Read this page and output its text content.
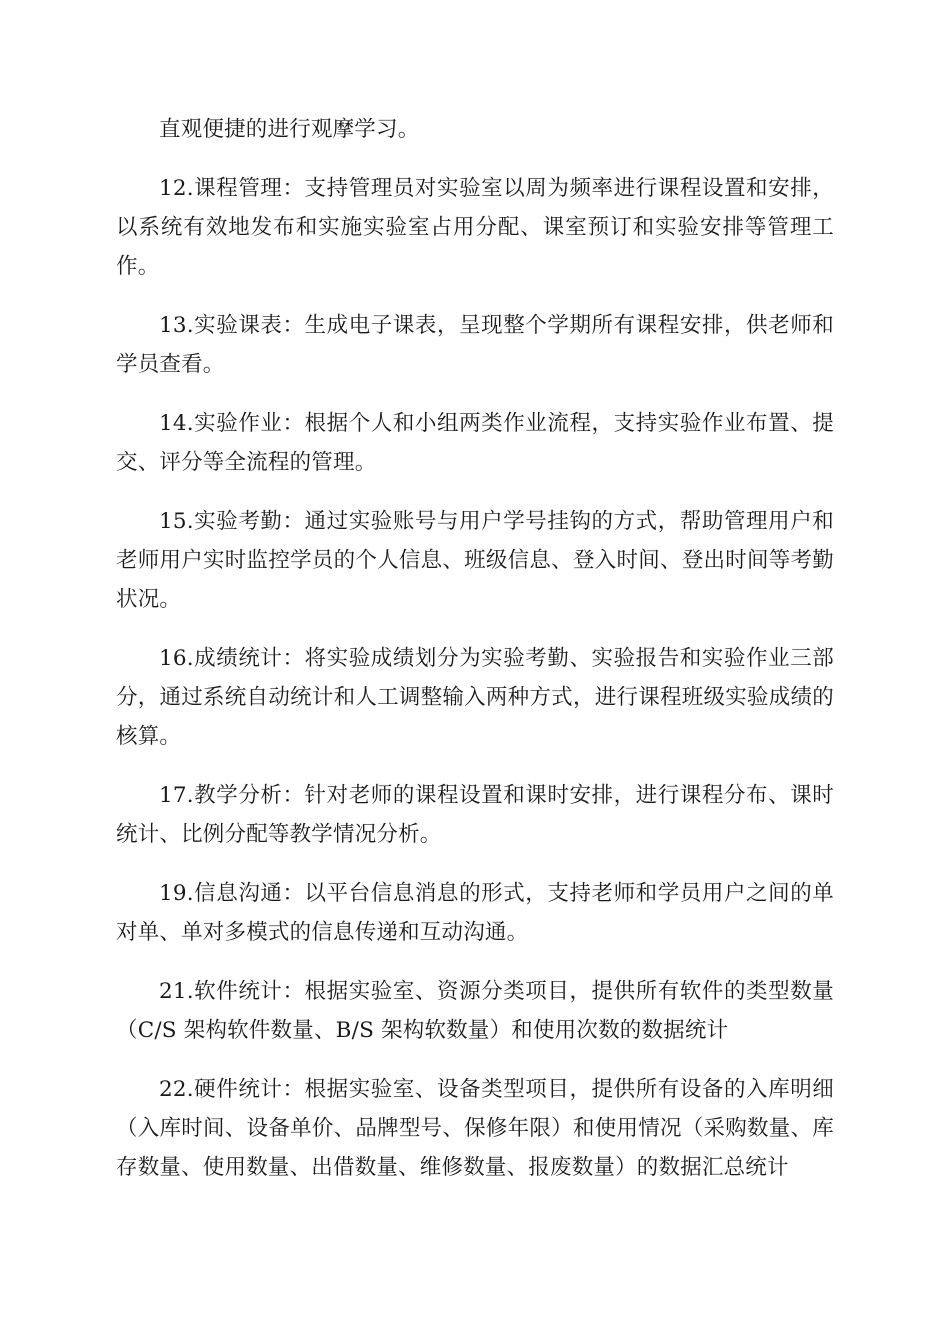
直观便捷的进行观摩学习。

12.课程管理：支持管理员对实验室以周为频率进行课程设置和安排，以系统有效地发布和实施实验室占用分配、课室预订和实验安排等管理工作。

13.实验课表：生成电子课表，呈现整个学期所有课程安排，供老师和学员查看。

14.实验作业：根据个人和小组两类作业流程，支持实验作业布置、提交、评分等全流程的管理。

15.实验考勤：通过实验账号与用户学号挂钩的方式，帮助管理用户和老师用户实时监控学员的个人信息、班级信息、登入时间、登出时间等考勤状况。

16.成绩统计：将实验成绩划分为实验考勤、实验报告和实验作业三部分，通过系统自动统计和人工调整输入两种方式，进行课程班级实验成绩的核算。

17.教学分析：针对老师的课程设置和课时安排，进行课程分布、课时统计、比例分配等教学情况分析。

19.信息沟通：以平台信息消息的形式，支持老师和学员用户之间的单对单、单对多模式的信息传递和互动沟通。

21.软件统计：根据实验室、资源分类项目，提供所有软件的类型数量（C/S 架构软件数量、B/S 架构软数量）和使用次数的数据统计

22.硬件统计：根据实验室、设备类型项目，提供所有设备的入库明细（入库时间、设备单价、品牌型号、保修年限）和使用情况（采购数量、库存数量、使用数量、出借数量、维修数量、报废数量）的数据汇总统计
